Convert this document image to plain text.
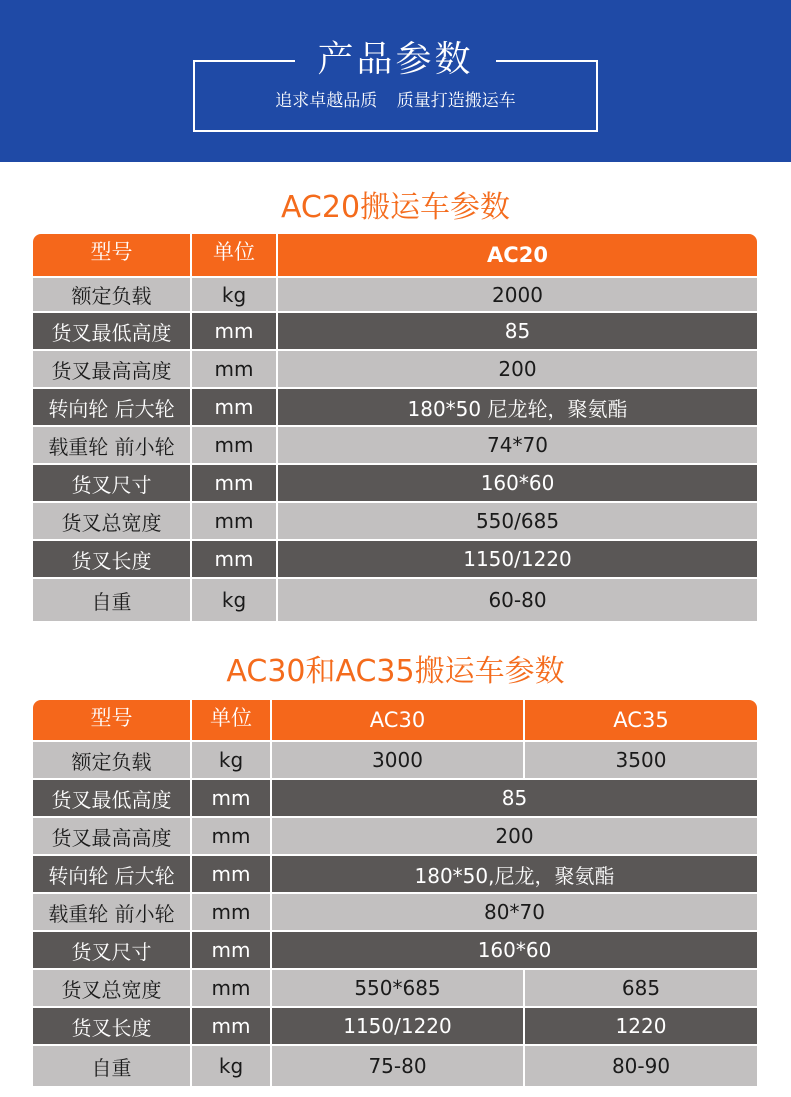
产品参数
追求卓越品质 质量打造搬运车
AC20搬运车参数
型号	单位	AC20
额定负载	kg	2000
货叉最低高度	mm	85
货叉最高高度	mm	200
转向轮 后大轮	mm	180*50 尼龙轮，聚氨酯
载重轮 前小轮	mm	74*70
货叉尺寸	mm	160*60
货叉总宽度	mm	550/685
货叉长度	mm	1150/1220
自重	kg	60-80
AC30和AC35搬运车参数
型号	单位	AC30	AC35
额定负载	kg	3000	3500
货叉最低高度	mm	85
货叉最高高度	mm	200
转向轮 后大轮	mm	180*50,尼龙，聚氨酯
载重轮 前小轮	mm	80*70
货叉尺寸	mm	160*60
货叉总宽度	mm	550*685	685
货叉长度	mm	1150/1220	1220
自重	kg	75-80	80-90
